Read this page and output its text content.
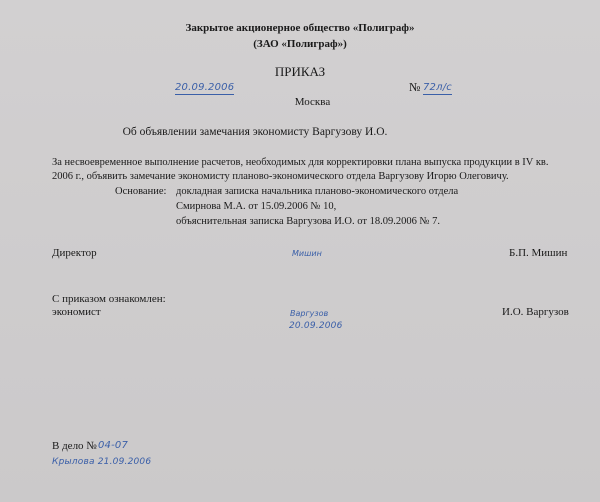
Закрытое акционерное общество «Полиграф»
(ЗАО «Полиграф»)
ПРИКАЗ
20.09.2006	№ 72л/с
Москва
Об объявлении замечания экономисту Варгузову И.О.
За несвоевременное выполнение расчетов, необходимых для корректировки плана выпуска продукции в IV кв.
2006 г., объявить замечание экономисту планово-экономического отдела Варгузову Игорю Олеговичу.
Основание: докладная записка начальника планово-экономического отдела
Смирнова М.А. от 15.09.2006 № 10,
объяснительная записка Варгузова И.О. от 18.09.2006 № 7.
Директор	Мишин	Б.П. Мишин
С приказом ознакомлен:
экономист	Варгузов
20.09.2006
И.О. Варгузов
В дело № 04-07
Крылова 21.09.2006
